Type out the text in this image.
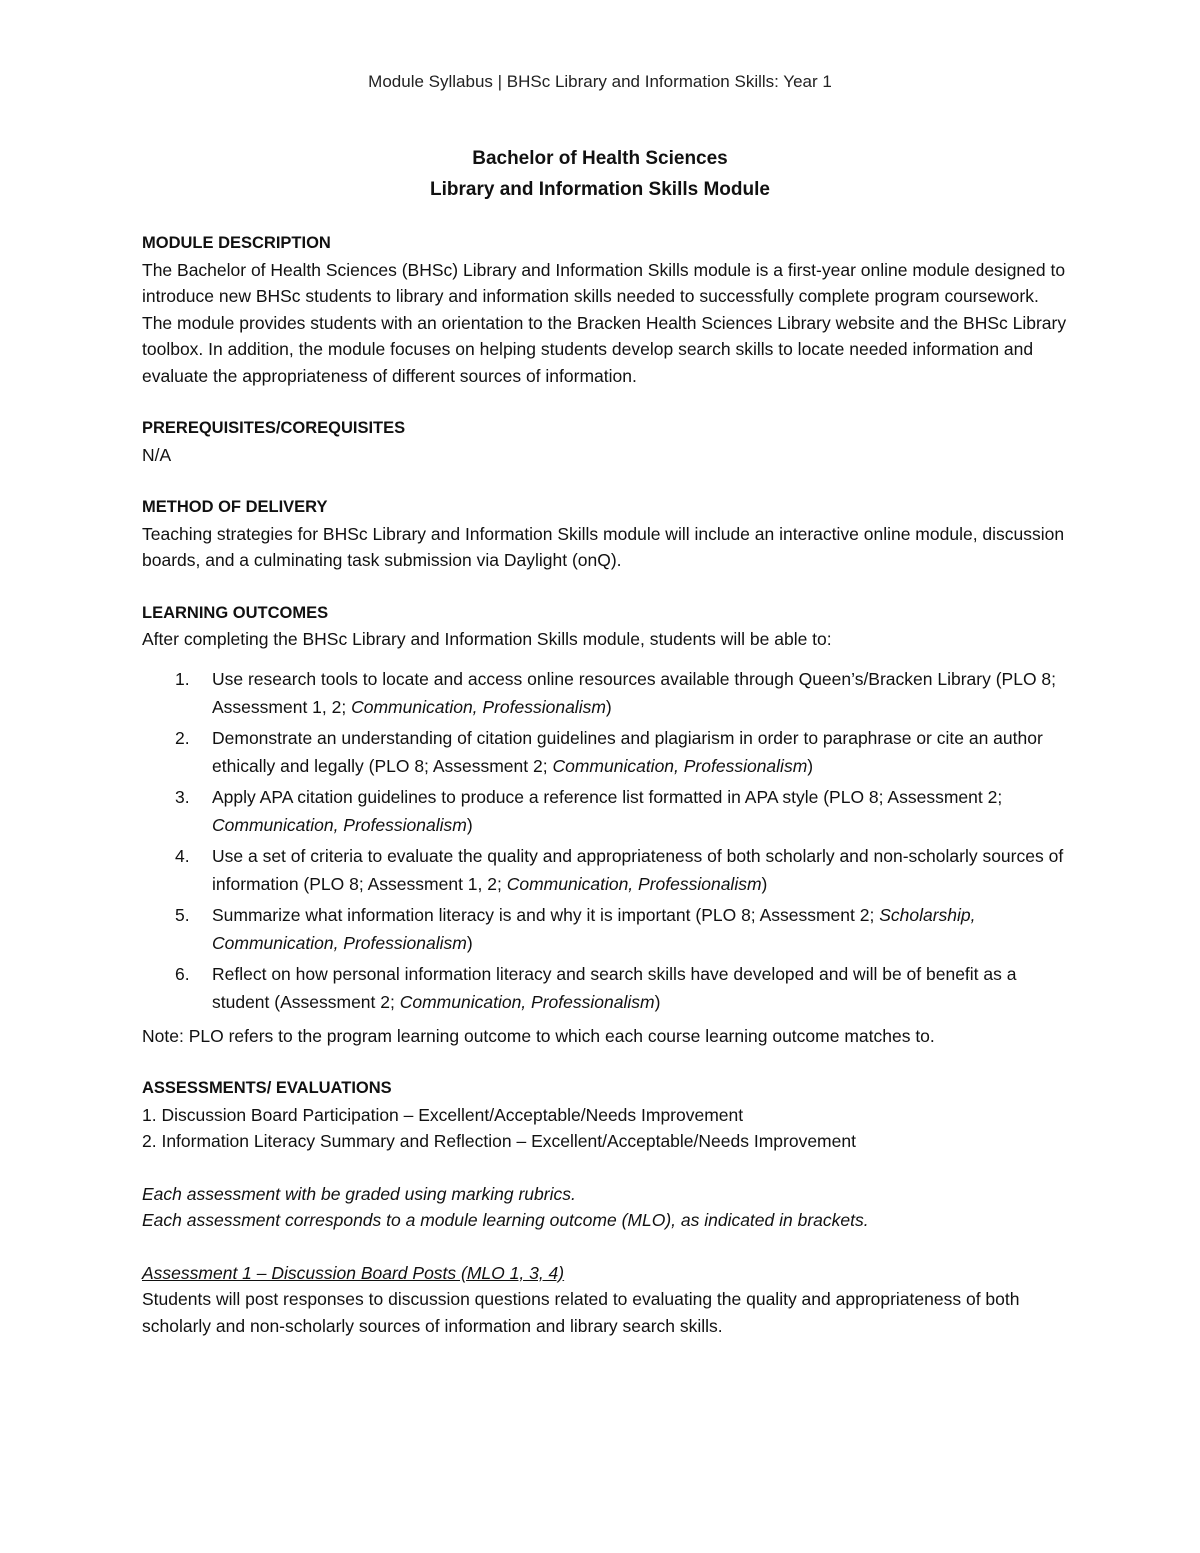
Module Syllabus | BHSc Library and Information Skills: Year 1
Bachelor of Health Sciences
Library and Information Skills Module
MODULE DESCRIPTION

The Bachelor of Health Sciences (BHSc) Library and Information Skills module is a first-year online module designed to introduce new BHSc students to library and information skills needed to successfully complete program coursework. The module provides students with an orientation to the Bracken Health Sciences Library website and the BHSc Library toolbox. In addition, the module focuses on helping students develop search skills to locate needed information and evaluate the appropriateness of different sources of information.

PREREQUISITES/COREQUISITES

N/A

METHOD OF DELIVERY

Teaching strategies for BHSc Library and Information Skills module will include an interactive online module, discussion boards, and a culminating task submission via Daylight (onQ).

LEARNING OUTCOMES

After completing the BHSc Library and Information Skills module, students will be able to:

1.	Use research tools to locate and access online resources available through Queen’s/Bracken Library (PLO 8; Assessment 1, 2; Communication, Professionalism)
2.	Demonstrate an understanding of citation guidelines and plagiarism in order to paraphrase or cite an author ethically and legally (PLO 8; Assessment 2; Communication, Professionalism)
3.	Apply APA citation guidelines to produce a reference list formatted in APA style (PLO 8; Assessment 2; Communication, Professionalism)
4.	Use a set of criteria to evaluate the quality and appropriateness of both scholarly and non-scholarly sources of information (PLO 8; Assessment 1, 2; Communication, Professionalism)
5.	Summarize what information literacy is and why it is important (PLO 8; Assessment 2; Scholarship, Communication, Professionalism)
6.	Reflect on how personal information literacy and search skills have developed and will be of benefit as a student (Assessment 2; Communication, Professionalism)

Note: PLO refers to the program learning outcome to which each course learning outcome matches to.

ASSESSMENTS/ EVALUATIONS

1. Discussion Board Participation – Excellent/Acceptable/Needs Improvement

2. Information Literacy Summary and Reflection – Excellent/Acceptable/Needs Improvement

Each assessment with be graded using marking rubrics.

Each assessment corresponds to a module learning outcome (MLO), as indicated in brackets.

Assessment 1 – Discussion Board Posts (MLO 1, 3, 4)

Students will post responses to discussion questions related to evaluating the quality and appropriateness of both scholarly and non-scholarly sources of information and library search skills.
